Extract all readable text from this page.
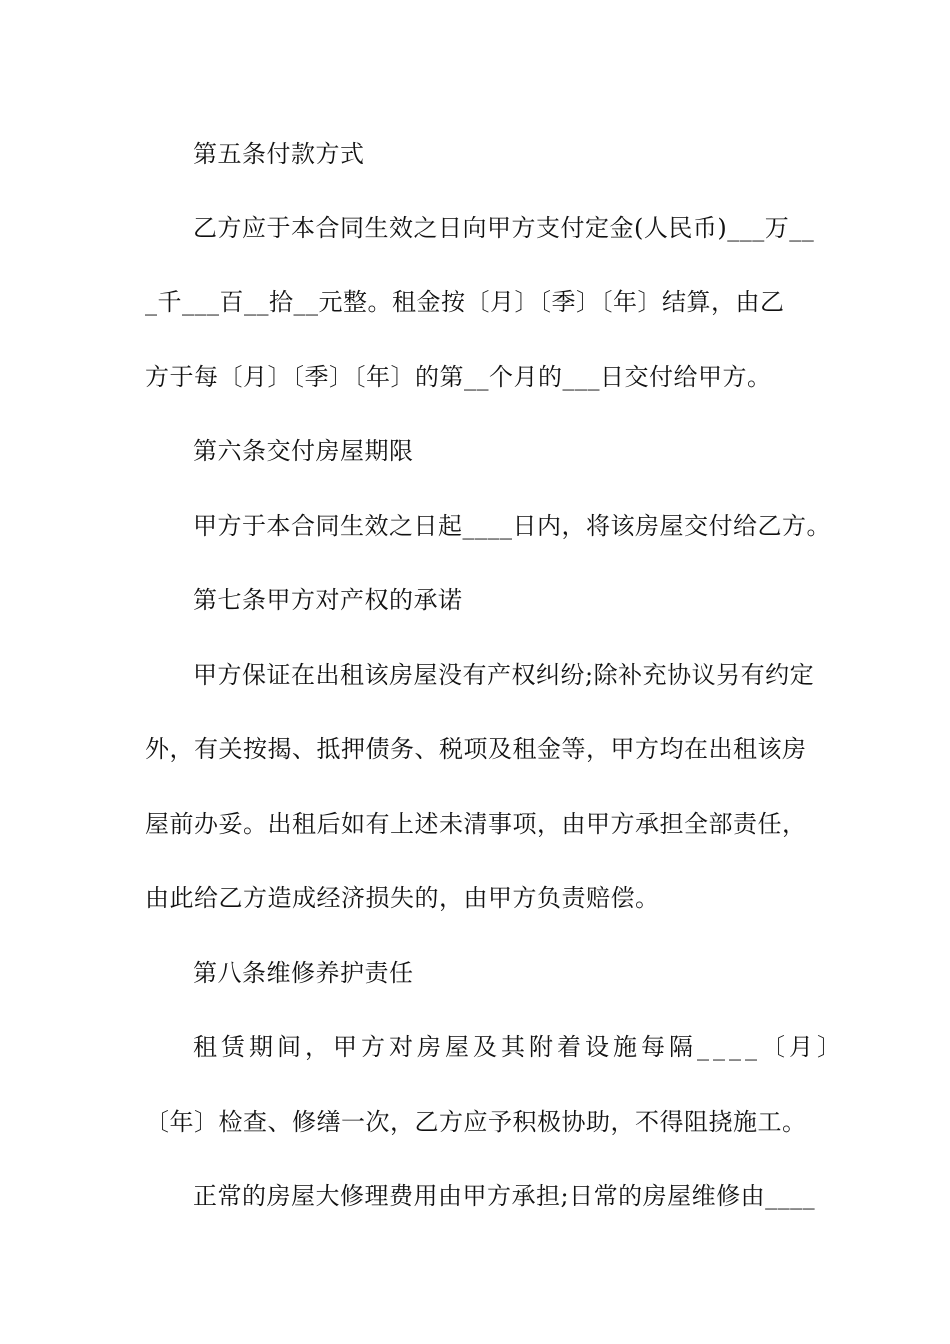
第五条付款方式
乙方应于本合同生效之日向甲方支付定金(人民币)___万__
_千___百__拾__元整。租金按〔月〕〔季〕〔年〕结算，由乙
方于每〔月〕〔季〕〔年〕的第__个月的___日交付给甲方。
第六条交付房屋期限
甲方于本合同生效之日起____日内，将该房屋交付给乙方。
第七条甲方对产权的承诺
甲方保证在出租该房屋没有产权纠纷;除补充协议另有约定
外，有关按揭、抵押债务、税项及租金等，甲方均在出租该房
屋前办妥。出租后如有上述未清事项，由甲方承担全部责任，
由此给乙方造成经济损失的，由甲方负责赔偿。
第八条维修养护责任
租赁期间，甲方对房屋及其附着设施每隔____〔月〕
〔年〕检查、修缮一次，乙方应予积极协助，不得阻挠施工。
正常的房屋大修理费用由甲方承担;日常的房屋维修由____
